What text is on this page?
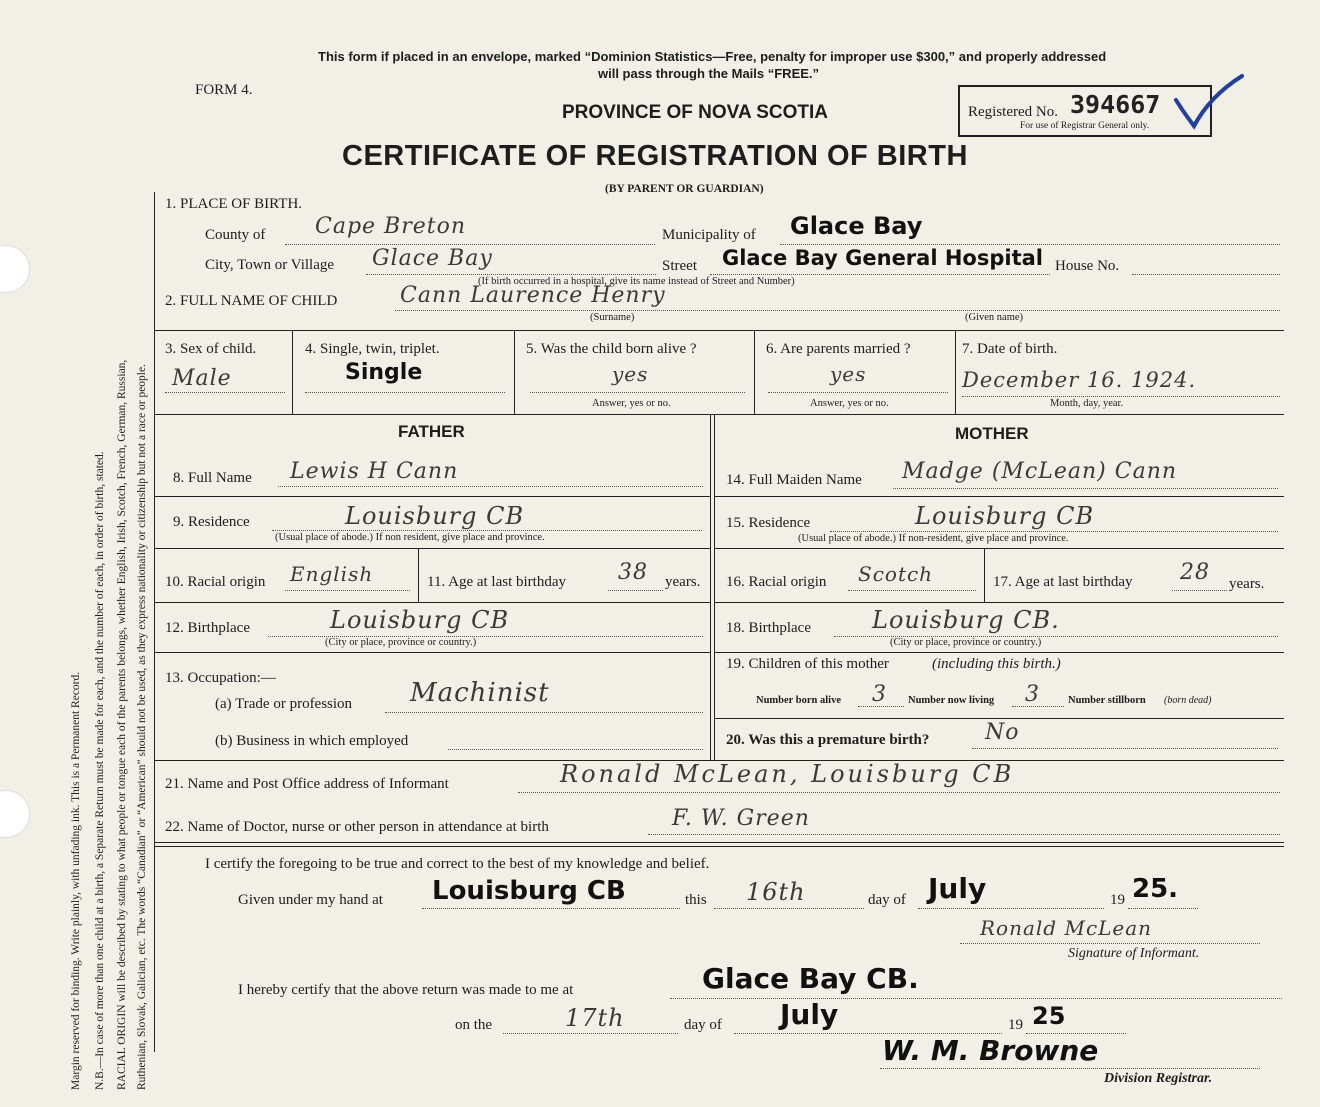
Margin reserved for binding. Write plainly, with unfading ink. This is a Permanent Record. N.B.—In case of more than one child at a birth, a Separate Return must be made for each, and the number of each, in order of birth, stated. RACIAL ORIGIN will be described by stating to what people or tongue each of the parents belongs, whether English, Irish, Scotch, French, German, Russian, Ruthenian, Slovak, Galician, etc. The words “Canadian” or “American” should not be used, as they express nationality or citizenship but not a race or people.
This form if placed in an envelope, marked “Dominion Statistics—Free, penalty for improper use $300,” and properly addressed
will pass through the Mails “FREE.”
FORM 4.
PROVINCE OF NOVA SCOTIA
CERTIFICATE OF REGISTRATION OF BIRTH
(BY PARENT OR GUARDIAN)
Registered No. 394667
For use of Registrar General only.
1. PLACE OF BIRTH.
County of Cape Breton	Municipality of Glace Bay
City, Town or Village Glace Bay	Street Glace Bay General Hospital House No.
(If birth occurred in a hospital, give its name instead of Street and Number)
2. FULL NAME OF CHILD	Cann Laurence Henry
(Surname)	(Given name)
3. Sex of child.
Male
4. Single, twin, triplet.
Single
5. Was the child born alive ?
yes
Answer, yes or no.
6. Are parents married ?
yes
Answer, yes or no.
7. Date of birth.
December 16. 1924.
Month, day, year.
FATHER	MOTHER
8. Full Name Lewis H Cann
9. Residence	Louisburg CB
(Usual place of abode.) If non resident, give place and province.
10. Racial origin English	11. Age at last birthday 38 years.
12. Birthplace	Louisburg CB
(City or place, province or country.)
13. Occupation:—
(a) Trade or profession Machinist
(b) Business in which employed
14. Full Maiden Name Madge (McLean) Cann
15. Residence	Louisburg CB
(Usual place of abode.) If non-resident, give place and province.
16. Racial origin Scotch	17. Age at last birthday 28 years.
18. Birthplace	Louisburg CB.
(City or place, province or country.)
19. Children of this mother	(including this birth.)
Number born alive 3 Number now living 3	Number stillborn (born dead)
20. Was this a premature birth?	No
21. Name and Post Office address of Informant	Ronald McLean, Louisburg CB
22. Name of Doctor, nurse or other person in attendance at birth	F. W. Green
I certify the foregoing to be true and correct to the best of my knowledge and belief.
Given under my hand at Louisburg CB	this 16th	day of July	19 25.
Ronald McLean
Signature of Informant.
I hereby certify that the above return was made to me at	Glace Bay CB.
on the	17th	day of July	19 25
W. M. Browne
Division Registrar.
